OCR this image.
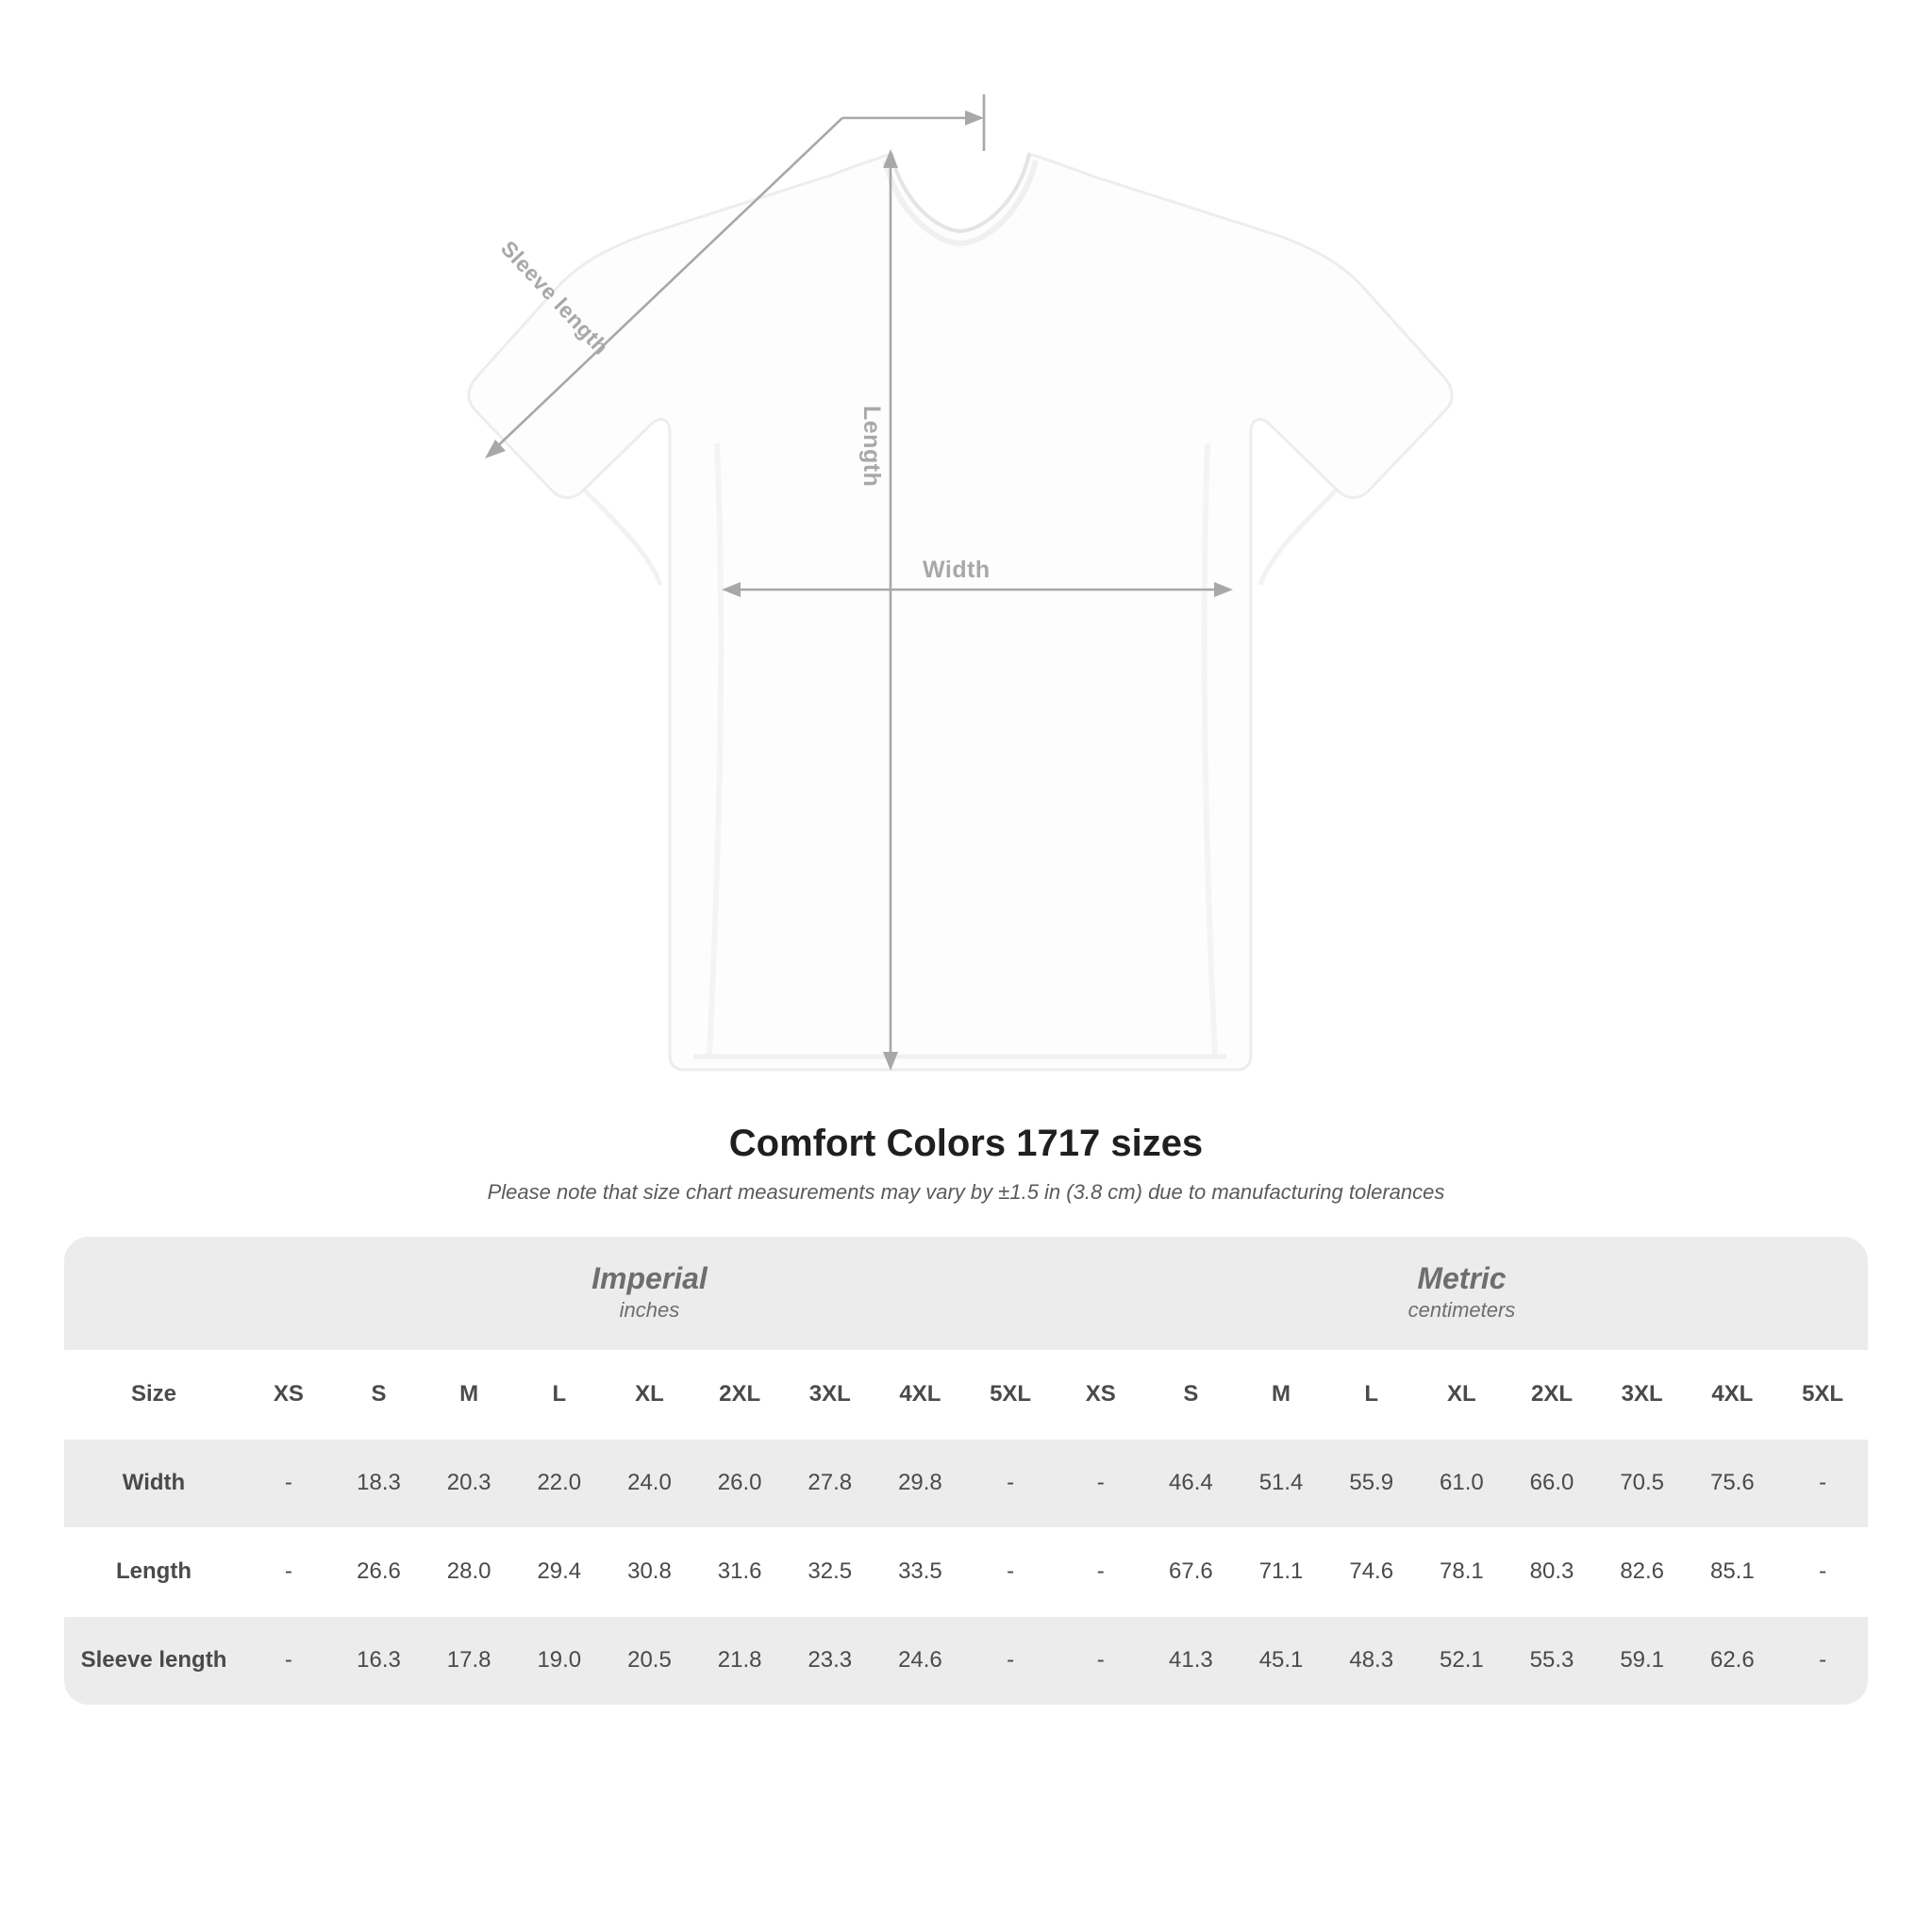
Width
Length
Sleeve length
Comfort Colors 1717 sizes

Please note that size chart measurements may vary by ±1.5 in (3.8 cm) due to manufacturing tolerances

Imperial
inches

Metric
centimeters

Size	XS	S	M	L	XL	2XL	3XL	4XL	5XL	XS	S	M	L	XL	2XL	3XL	4XL	5XL
Width	-	18.3	20.3	22.0	24.0	26.0	27.8	29.8	-	-	46.4	51.4	55.9	61.0	66.0	70.5	75.6	-
Length	-	26.6	28.0	29.4	30.8	31.6	32.5	33.5	-	-	67.6	71.1	74.6	78.1	80.3	82.6	85.1	-
Sleeve length	-	16.3	17.8	19.0	20.5	21.8	23.3	24.6	-	-	41.3	45.1	48.3	52.1	55.3	59.1	62.6	-
